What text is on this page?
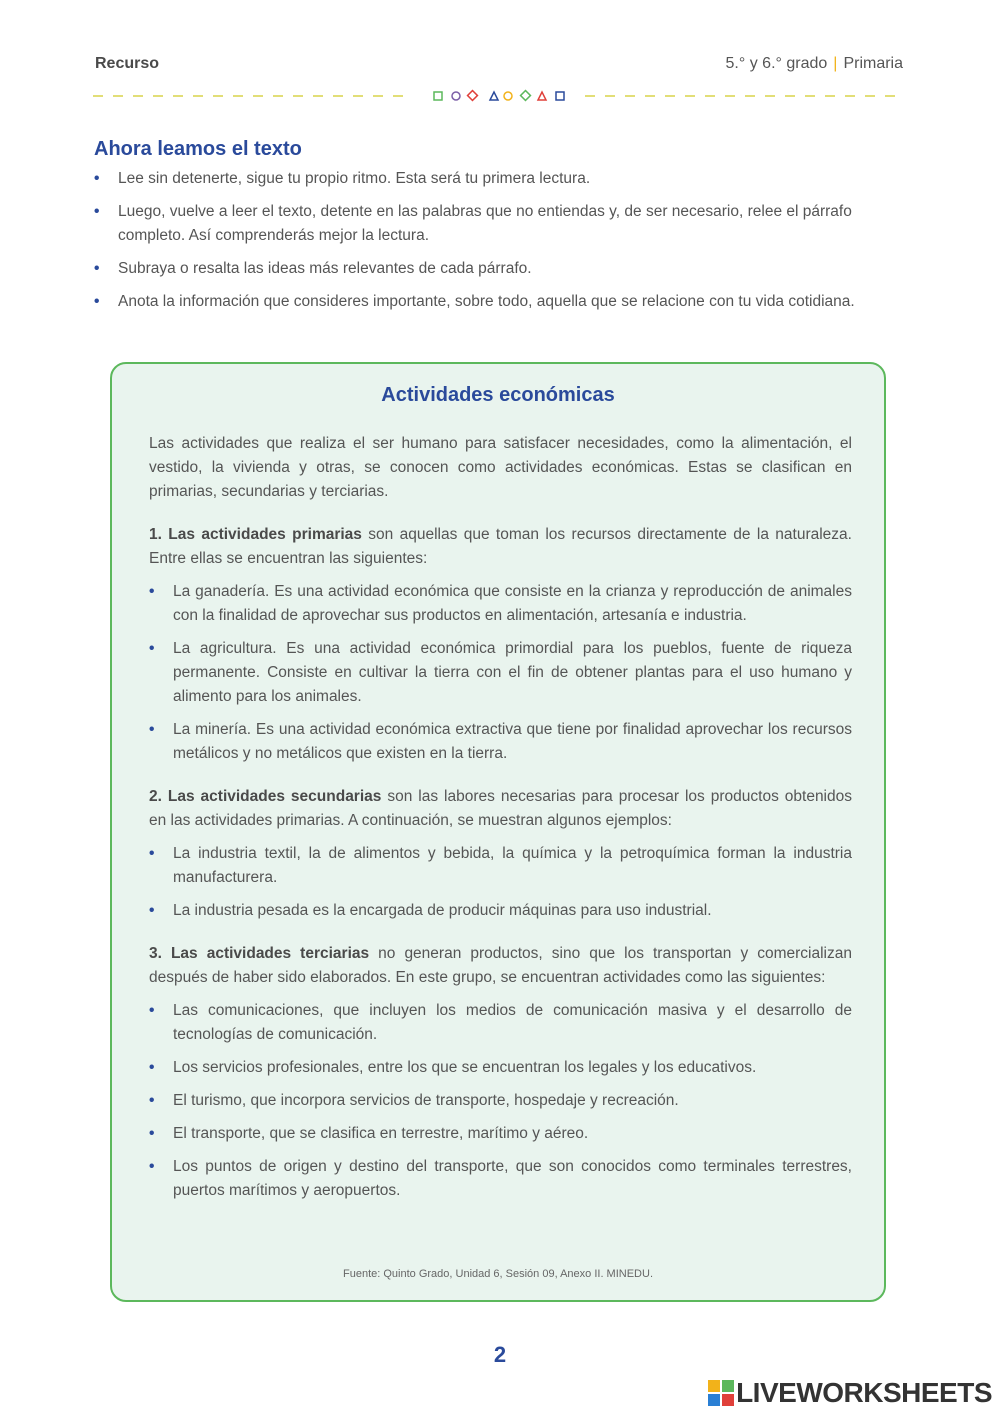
Recurso	5.° y 6.° grado | Primaria
Ahora leamos el texto
• Lee sin detenerte, sigue tu propio ritmo. Esta será tu primera lectura.
• Luego, vuelve a leer el texto, detente en las palabras que no entiendas y, de ser necesario, relee el párrafo completo. Así comprenderás mejor la lectura.
• Subraya o resalta las ideas más relevantes de cada párrafo.
• Anota la información que consideres importante, sobre todo, aquella que se relacione con tu vida cotidiana.
Actividades económicas

Las actividades que realiza el ser humano para satisfacer necesidades, como la alimentación, el vestido, la vivienda y otras, se conocen como actividades económicas. Estas se clasifican en primarias, secundarias y terciarias.

1. Las actividades primarias son aquellas que toman los recursos directamente de la naturaleza. Entre ellas se encuentran las siguientes:

• La ganadería. Es una actividad económica que consiste en la crianza y reproducción de animales con la finalidad de aprovechar sus productos en alimentación, artesanía e industria.
• La agricultura. Es una actividad económica primordial para los pueblos, fuente de riqueza permanente. Consiste en cultivar la tierra con el fin de obtener plantas para el uso humano y alimento para los animales.
• La minería. Es una actividad económica extractiva que tiene por finalidad aprovechar los recursos metálicos y no metálicos que existen en la tierra.

2. Las actividades secundarias son las labores necesarias para procesar los productos obtenidos en las actividades primarias. A continuación, se muestran algunos ejemplos:

• La industria textil, la de alimentos y bebida, la química y la petroquímica forman la industria manufacturera.
• La industria pesada es la encargada de producir máquinas para uso industrial.

3. Las actividades terciarias no generan productos, sino que los transportan y comercializan después de haber sido elaborados. En este grupo, se encuentran actividades como las siguientes:

• Las comunicaciones, que incluyen los medios de comunicación masiva y el desarrollo de tecnologías de comunicación.
• Los servicios profesionales, entre los que se encuentran los legales y los educativos.
• El turismo, que incorpora servicios de transporte, hospedaje y recreación.
• El transporte, que se clasifica en terrestre, marítimo y aéreo.
• Los puntos de origen y destino del transporte, que son conocidos como terminales terrestres, puertos marítimos y aeropuertos.
Fuente: Quinto Grado, Unidad 6, Sesión 09, Anexo II. MINEDU.
2
LIVEWORKSHEETS
